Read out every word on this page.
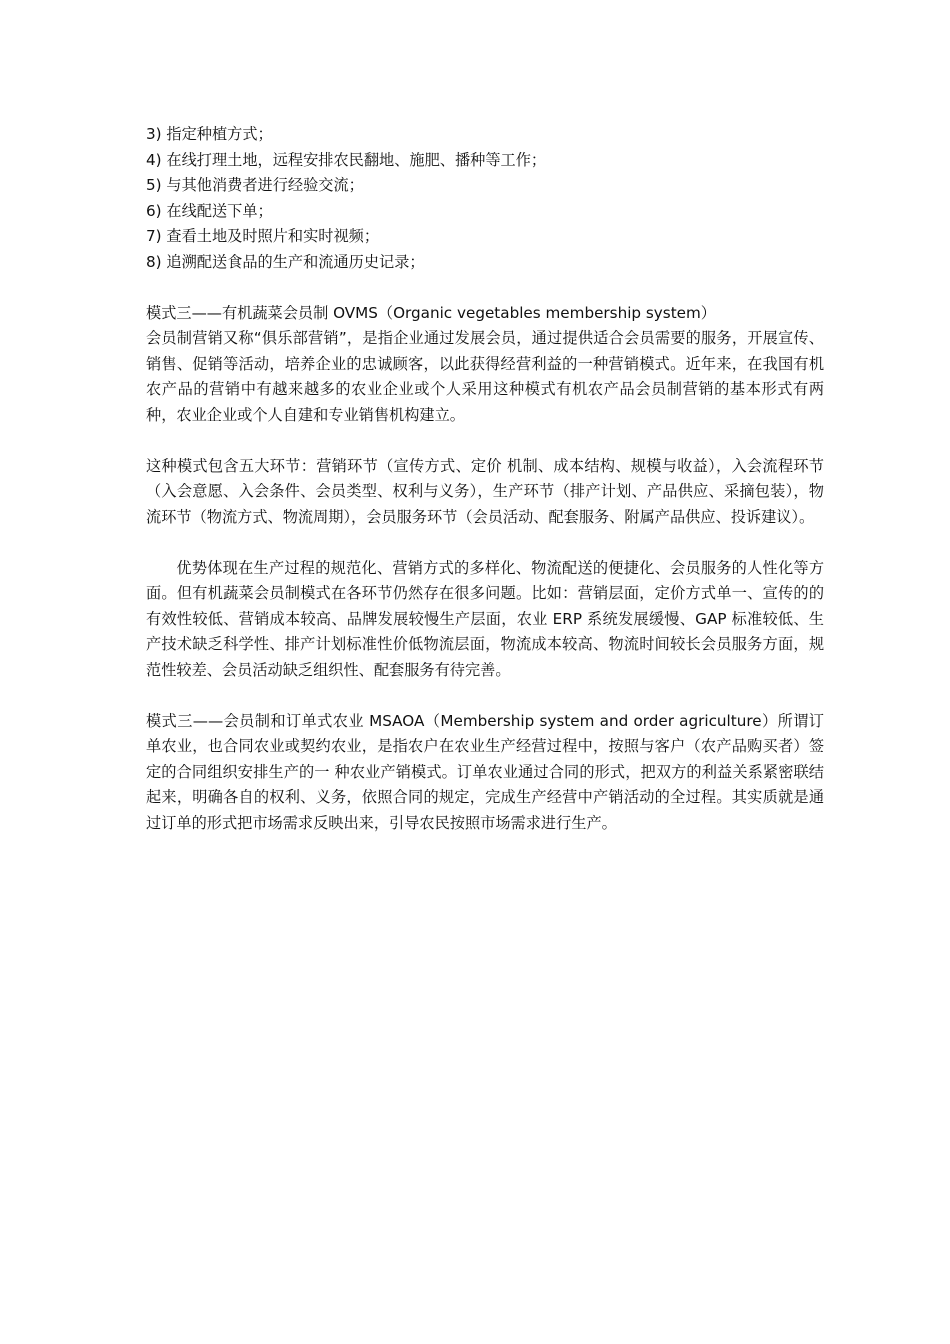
3) 指定种植方式；

4) 在线打理土地，远程安排农民翻地、施肥、播种等工作；

5) 与其他消费者进行经验交流；

6) 在线配送下单；

7) 查看土地及时照片和实时视频；

8) 追溯配送食品的生产和流通历史记录；

模式三——有机蔬菜会员制 OVMS（Organic vegetables membership system）

会员制营销又称“俱乐部营销”，是指企业通过发展会员，通过提供适合会员需要的服务，开展宣传、销售、促销等活动，培养企业的忠诚顾客，以此获得经营利益的一种营销模式。近年来，在我国有机农产品的营销中有越来越多的农业企业或个人采用这种模式有机农产品会员制营销的基本形式有两种，农业企业或个人自建和专业销售机构建立。

这种模式包含五大环节：营销环节（宣传方式、定价 机制、成本结构、规模与收益），入会流程环节（入会意愿、入会条件、会员类型、权利与义务），生产环节（排产计划、产品供应、采摘包装），物流环节（物流方式、物流周期），会员服务环节（会员活动、配套服务、附属产品供应、投诉建议）。

优势体现在生产过程的规范化、营销方式的多样化、物流配送的便捷化、会员服务的人性化等方面。但有机蔬菜会员制模式在各环节仍然存在很多问题。比如：营销层面，定价方式单一、宣传的的有效性较低、营销成本较高、品牌发展较慢生产层面，农业 ERP 系统发展缓慢、GAP 标准较低、生产技术缺乏科学性、排产计划标准性价低物流层面，物流成本较高、物流时间较长会员服务方面，规范性较差、会员活动缺乏组织性、配套服务有待完善。

模式三——会员制和订单式农业 MSAOA（Membership system and order agriculture）所谓订单农业，也合同农业或契约农业，是指农户在农业生产经营过程中，按照与客户（农产品购买者）签定的合同组织安排生产的一 种农业产销模式。订单农业通过合同的形式，把双方的利益关系紧密联结起来，明确各自的权利、义务，依照合同的规定，完成生产经营中产销活动的全过程。其实质就是通过订单的形式把市场需求反映出来，引导农民按照市场需求进行生产。
